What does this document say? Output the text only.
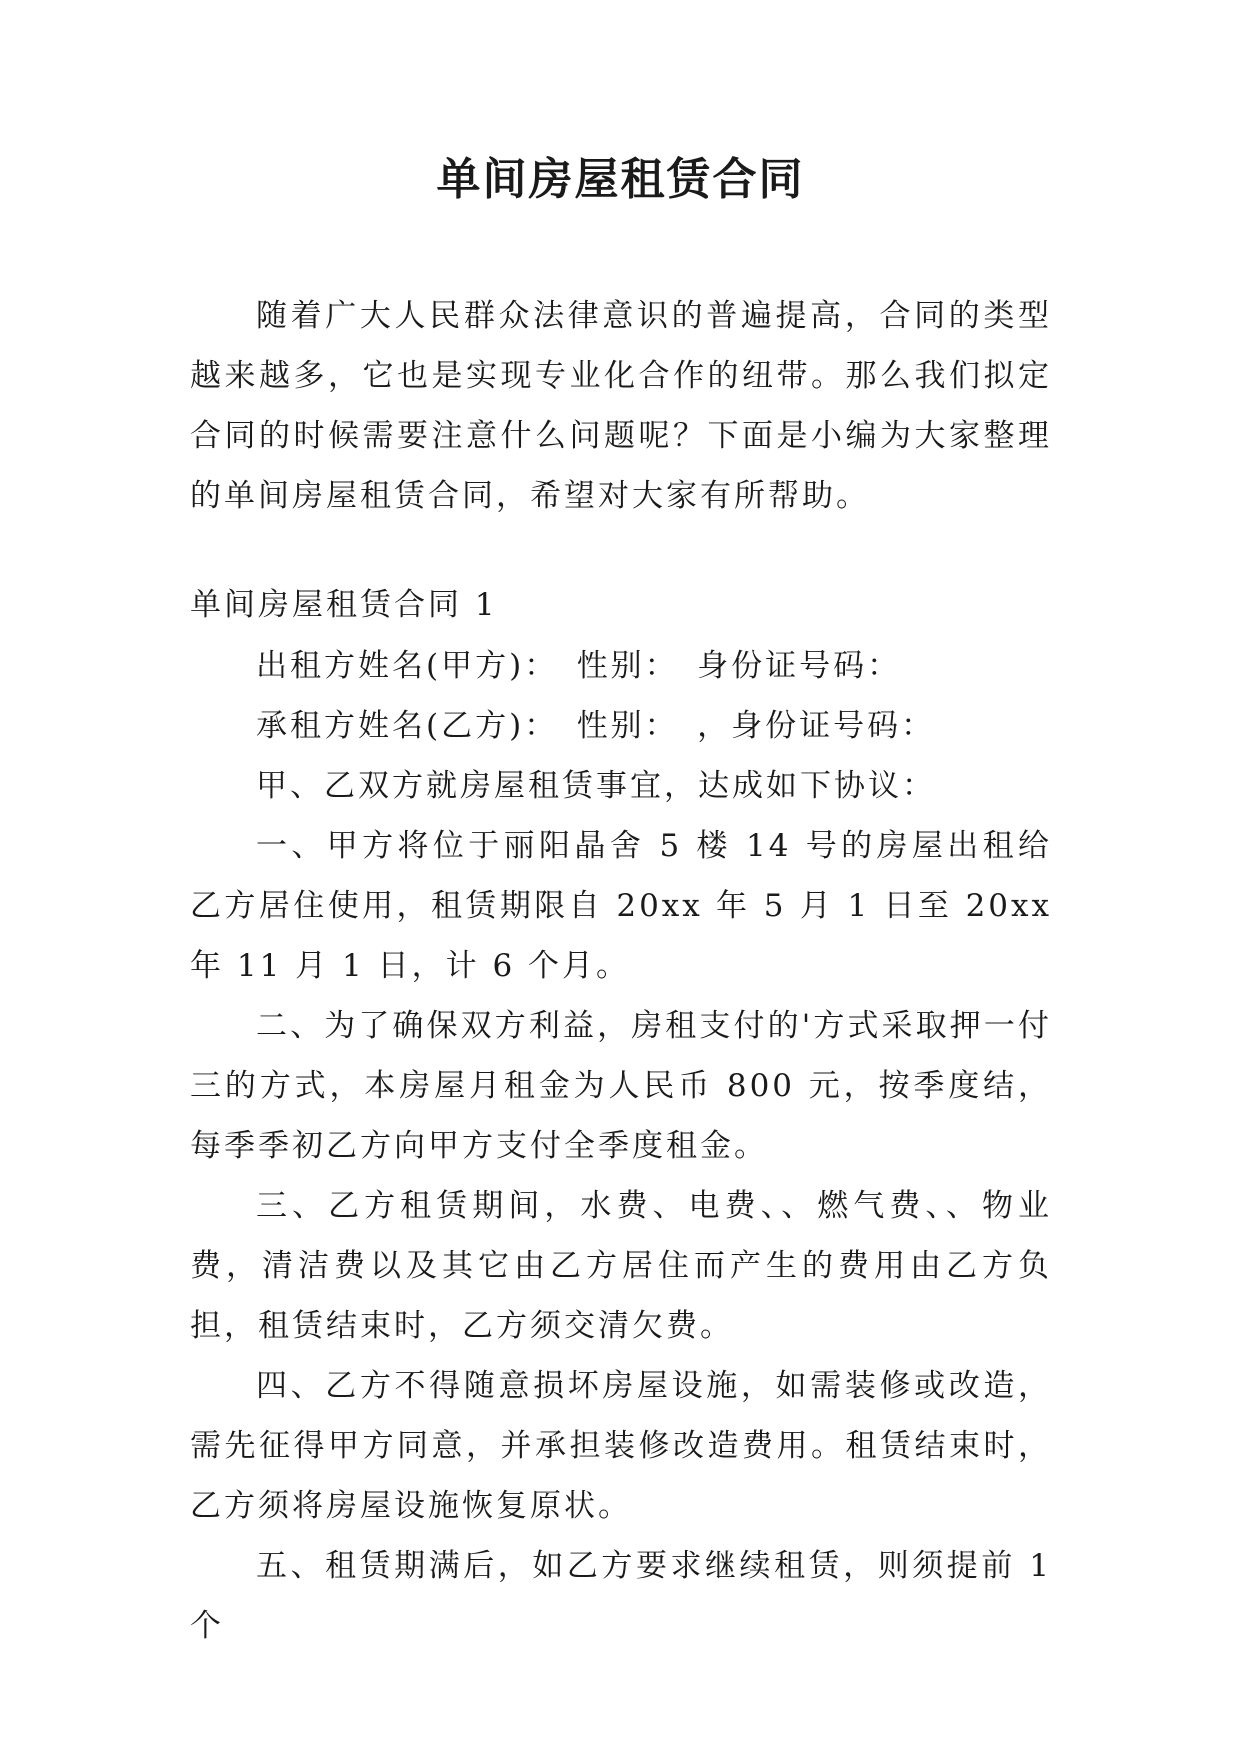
单间房屋租赁合同
随着广大人民群众法律意识的普遍提高，合同的类型越来越多，它也是实现专业化合作的纽带。那么我们拟定合同的时候需要注意什么问题呢？下面是小编为大家整理的单间房屋租赁合同，希望对大家有所帮助。
单间房屋租赁合同 1

出租方姓名(甲方)：　性别：　身份证号码：

承租方姓名(乙方)：　性别：　，身份证号码：

甲、乙双方就房屋租赁事宜，达成如下协议：

一、甲方将位于丽阳晶舍 5 楼 14 号的房屋出租给乙方居住使用，租赁期限自 20xx 年 5 月 1 日至 20xx 年 11 月 1 日，计 6 个月。

二、为了确保双方利益，房租支付的'方式采取押一付三的方式，本房屋月租金为人民币 800 元，按季度结，每季季初乙方向甲方支付全季度租金。

三、乙方租赁期间，水费、电费、、燃气费、、物业费，清洁费以及其它由乙方居住而产生的费用由乙方负担，租赁结束时，乙方须交清欠费。

四、乙方不得随意损坏房屋设施，如需装修或改造，需先征得甲方同意，并承担装修改造费用。租赁结束时，乙方须将房屋设施恢复原状。

五、租赁期满后，如乙方要求继续租赁，则须提前 1 个
